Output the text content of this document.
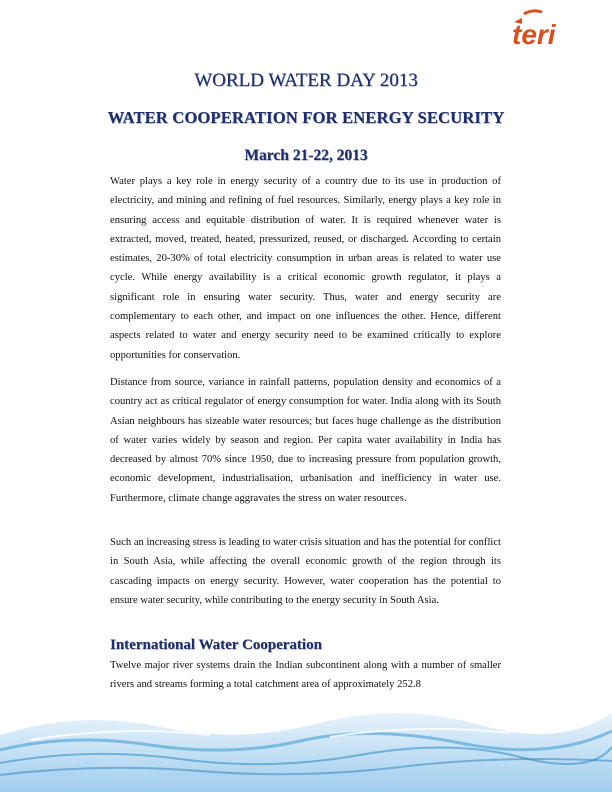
teri
WORLD WATER DAY 2013
WATER COOPERATION FOR ENERGY SECURITY
March 21-22, 2013

Water plays a key role in energy security of a country due to its use in production of electricity, and mining and refining of fuel resources. Similarly, energy plays a key role in ensuring access and equitable distribution of water. It is required whenever water is extracted, moved, treated, heated, pressurized, reused, or discharged. According to certain estimates, 20-30% of total electricity consumption in urban areas is related to water use cycle. While energy availability is a critical economic growth regulator, it plays a significant role in ensuring water security. Thus, water and energy security are complementary to each other, and impact on one influences the other. Hence, different aspects related to water and energy security need to be examined critically to explore opportunities for conservation.

Distance from source, variance in rainfall patterns, population density and economics of a country act as critical regulator of energy consumption for water. India along with its South Asian neighbours has sizeable water resources; but faces huge challenge as the distribution of water varies widely by season and region. Per capita water availability in India has decreased by almost 70% since 1950, due to increasing pressure from population growth, economic development, industrialisation, urbanisation and inefficiency in water use. Furthermore, climate change aggravates the stress on water resources.

Such an increasing stress is leading to water crisis situation and has the potential for conflict in South Asia, while affecting the overall economic growth of the region through its cascading impacts on energy security. However, water cooperation has the potential to ensure water security, while contributing to the energy security in South Asia.

International Water Cooperation

Twelve major river systems drain the Indian subcontinent along with a number of smaller rivers and streams forming a total catchment area of approximately 252.8
